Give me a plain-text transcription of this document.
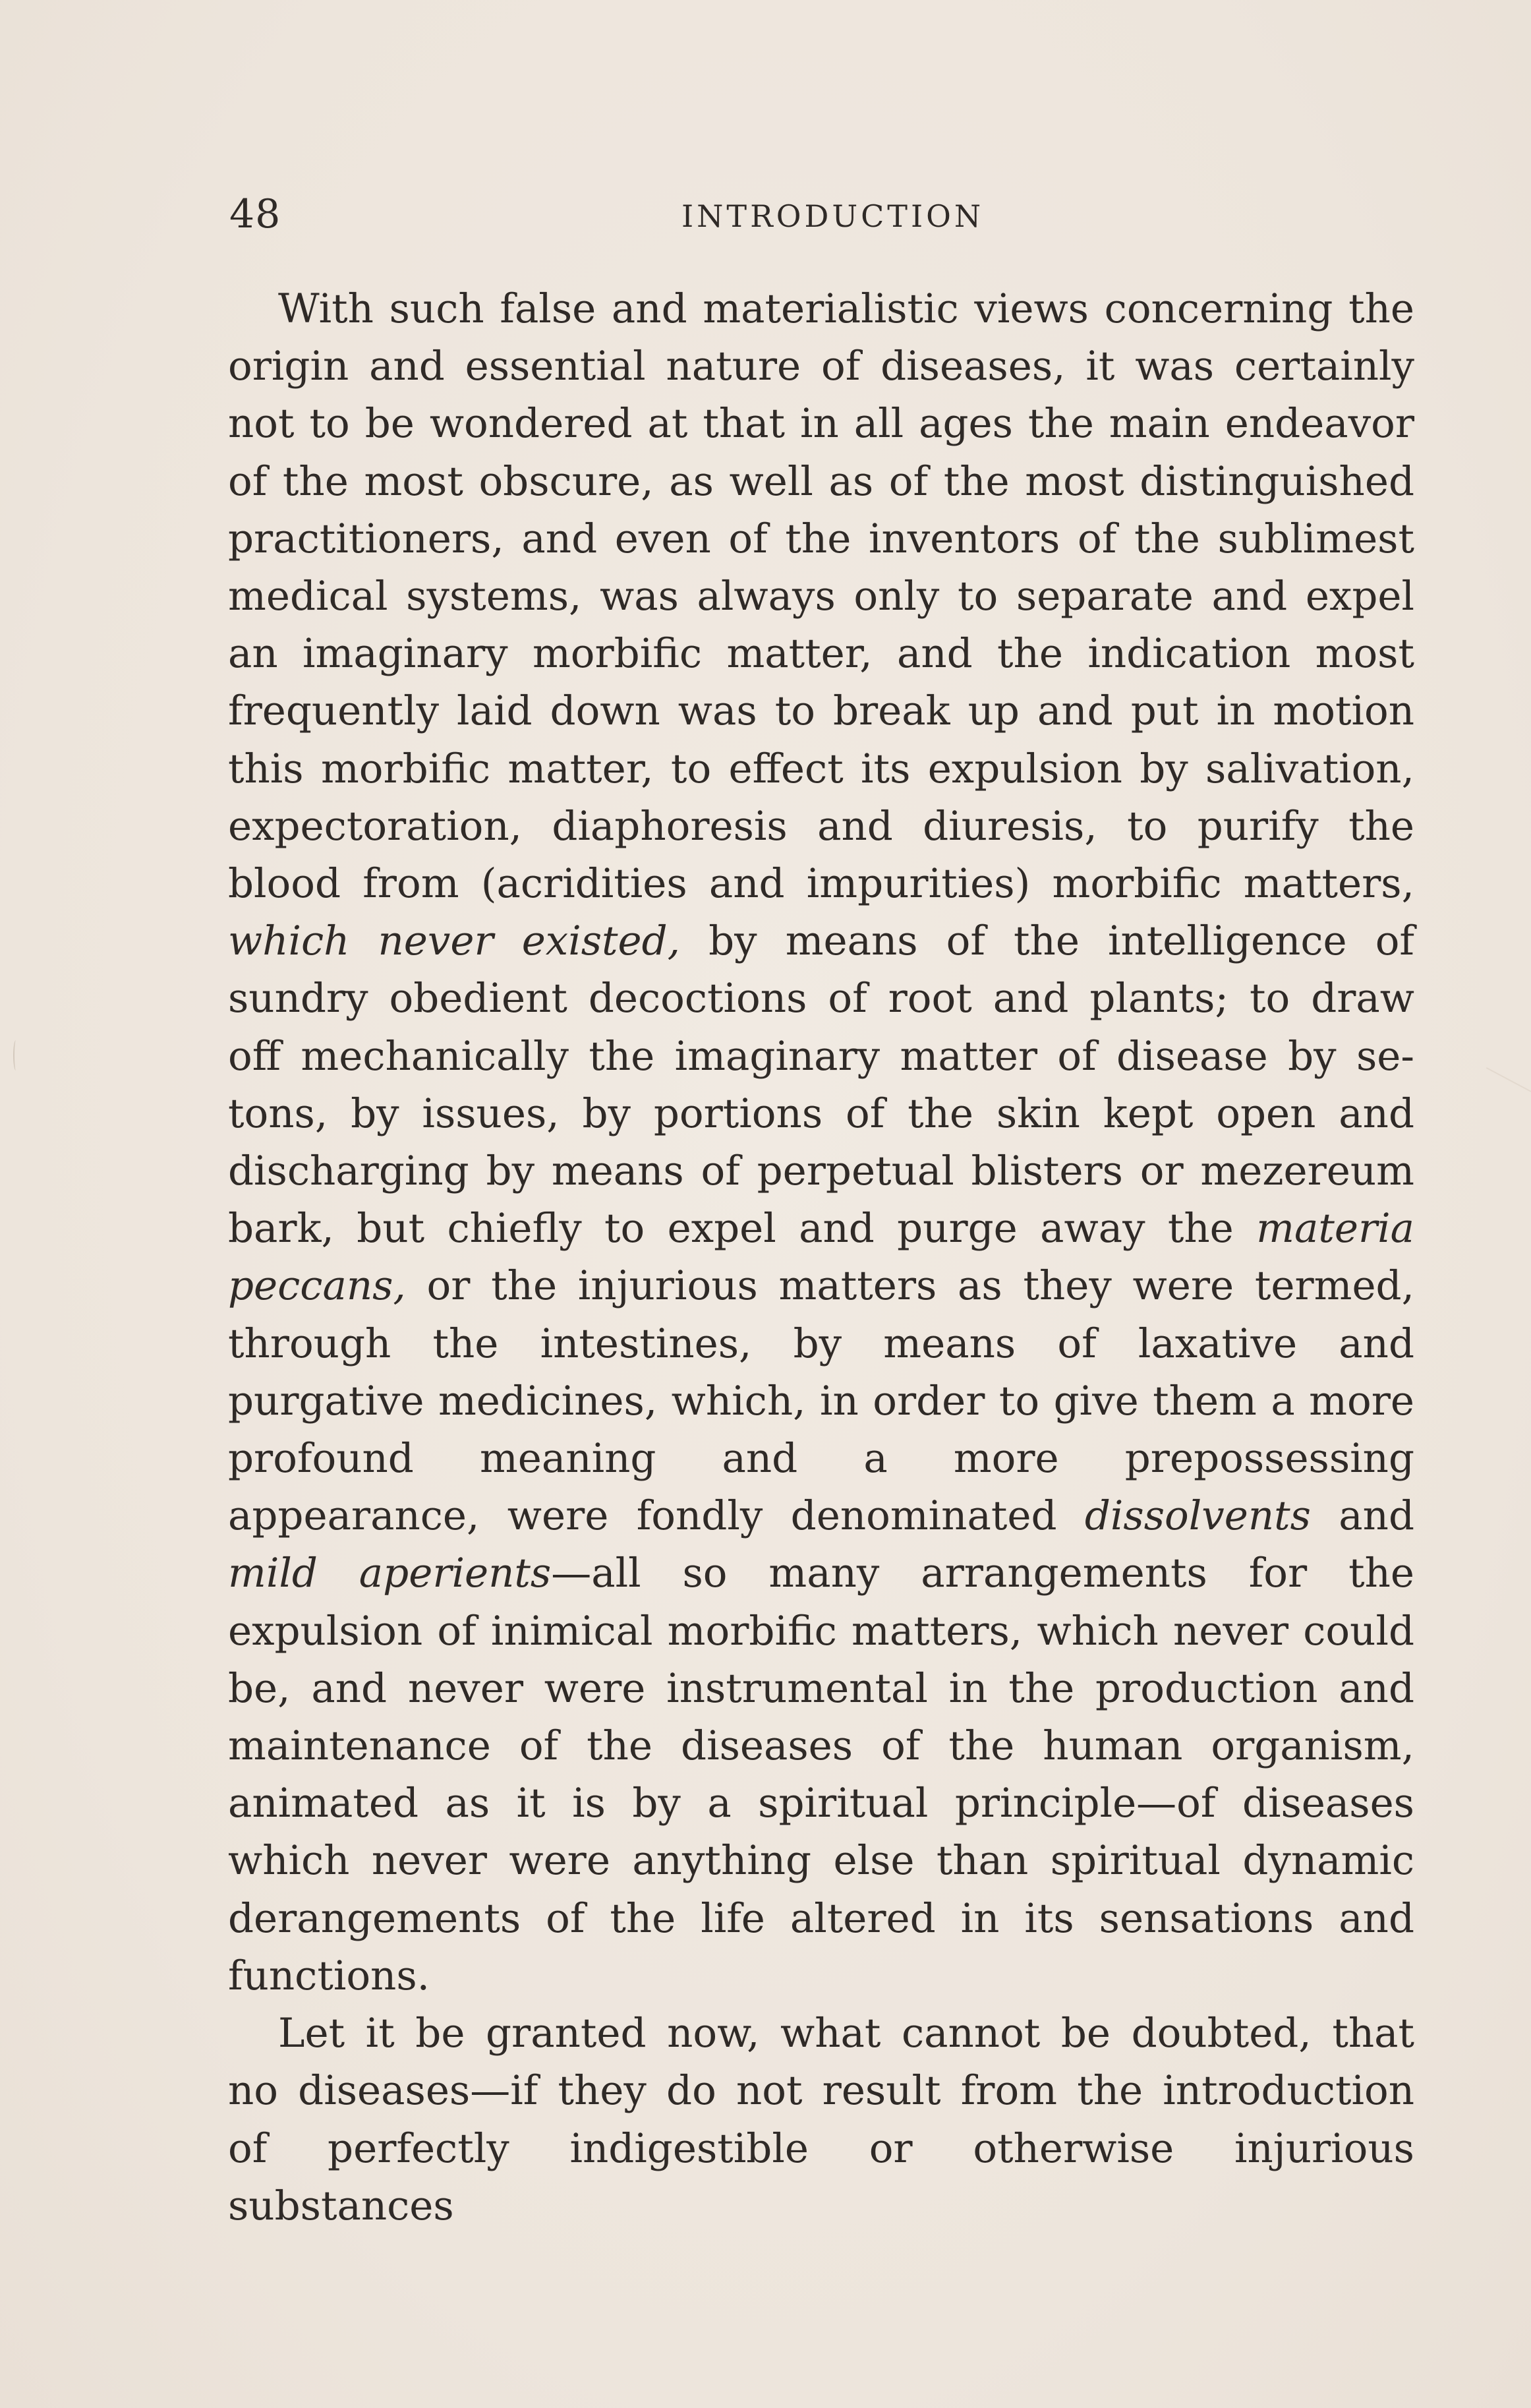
48	INTRODUCTION

With such false and materialistic views concerning the origin and essential nature of diseases, it was certainly not to be wondered at that in all ages the main endeavor of the most obscure, as well as of the most distinguished practitioners, and even of the inventors of the sublimest medical systems, was always only to separate and expel an imaginary morbific matter, and the indication most frequently laid down was to break up and put in motion this morbific matter, to effect its expulsion by salivation, expectoration, diaphoresis and diuresis, to purify the blood from (acridities and impurities) morbific matters, which never existed, by means of the intelligence of sundry obedient decoctions of root and plants; to draw off mechanically the imaginary matter of disease by setons, by issues, by portions of the skin kept open and discharging by means of perpetual blisters or mezereum bark, but chiefly to expel and purge away the materia peccans, or the injurious matters as they were termed, through the intestines, by means of laxative and purgative medicines, which, in order to give them a more profound meaning and a more prepossessing appearance, were fondly denominated dissolvents and mild aperients—all so many arrangements for the expulsion of inimical morbific matters, which never could be, and never were instrumental in the production and maintenance of the diseases of the human organism, animated as it is by a spiritual principle—of diseases which never were anything else than spiritual dynamic derangements of the life altered in its sensations and functions.

Let it be granted now, what cannot be doubted, that no diseases—if they do not result from the introduction of perfectly indigestible or otherwise injurious substances
